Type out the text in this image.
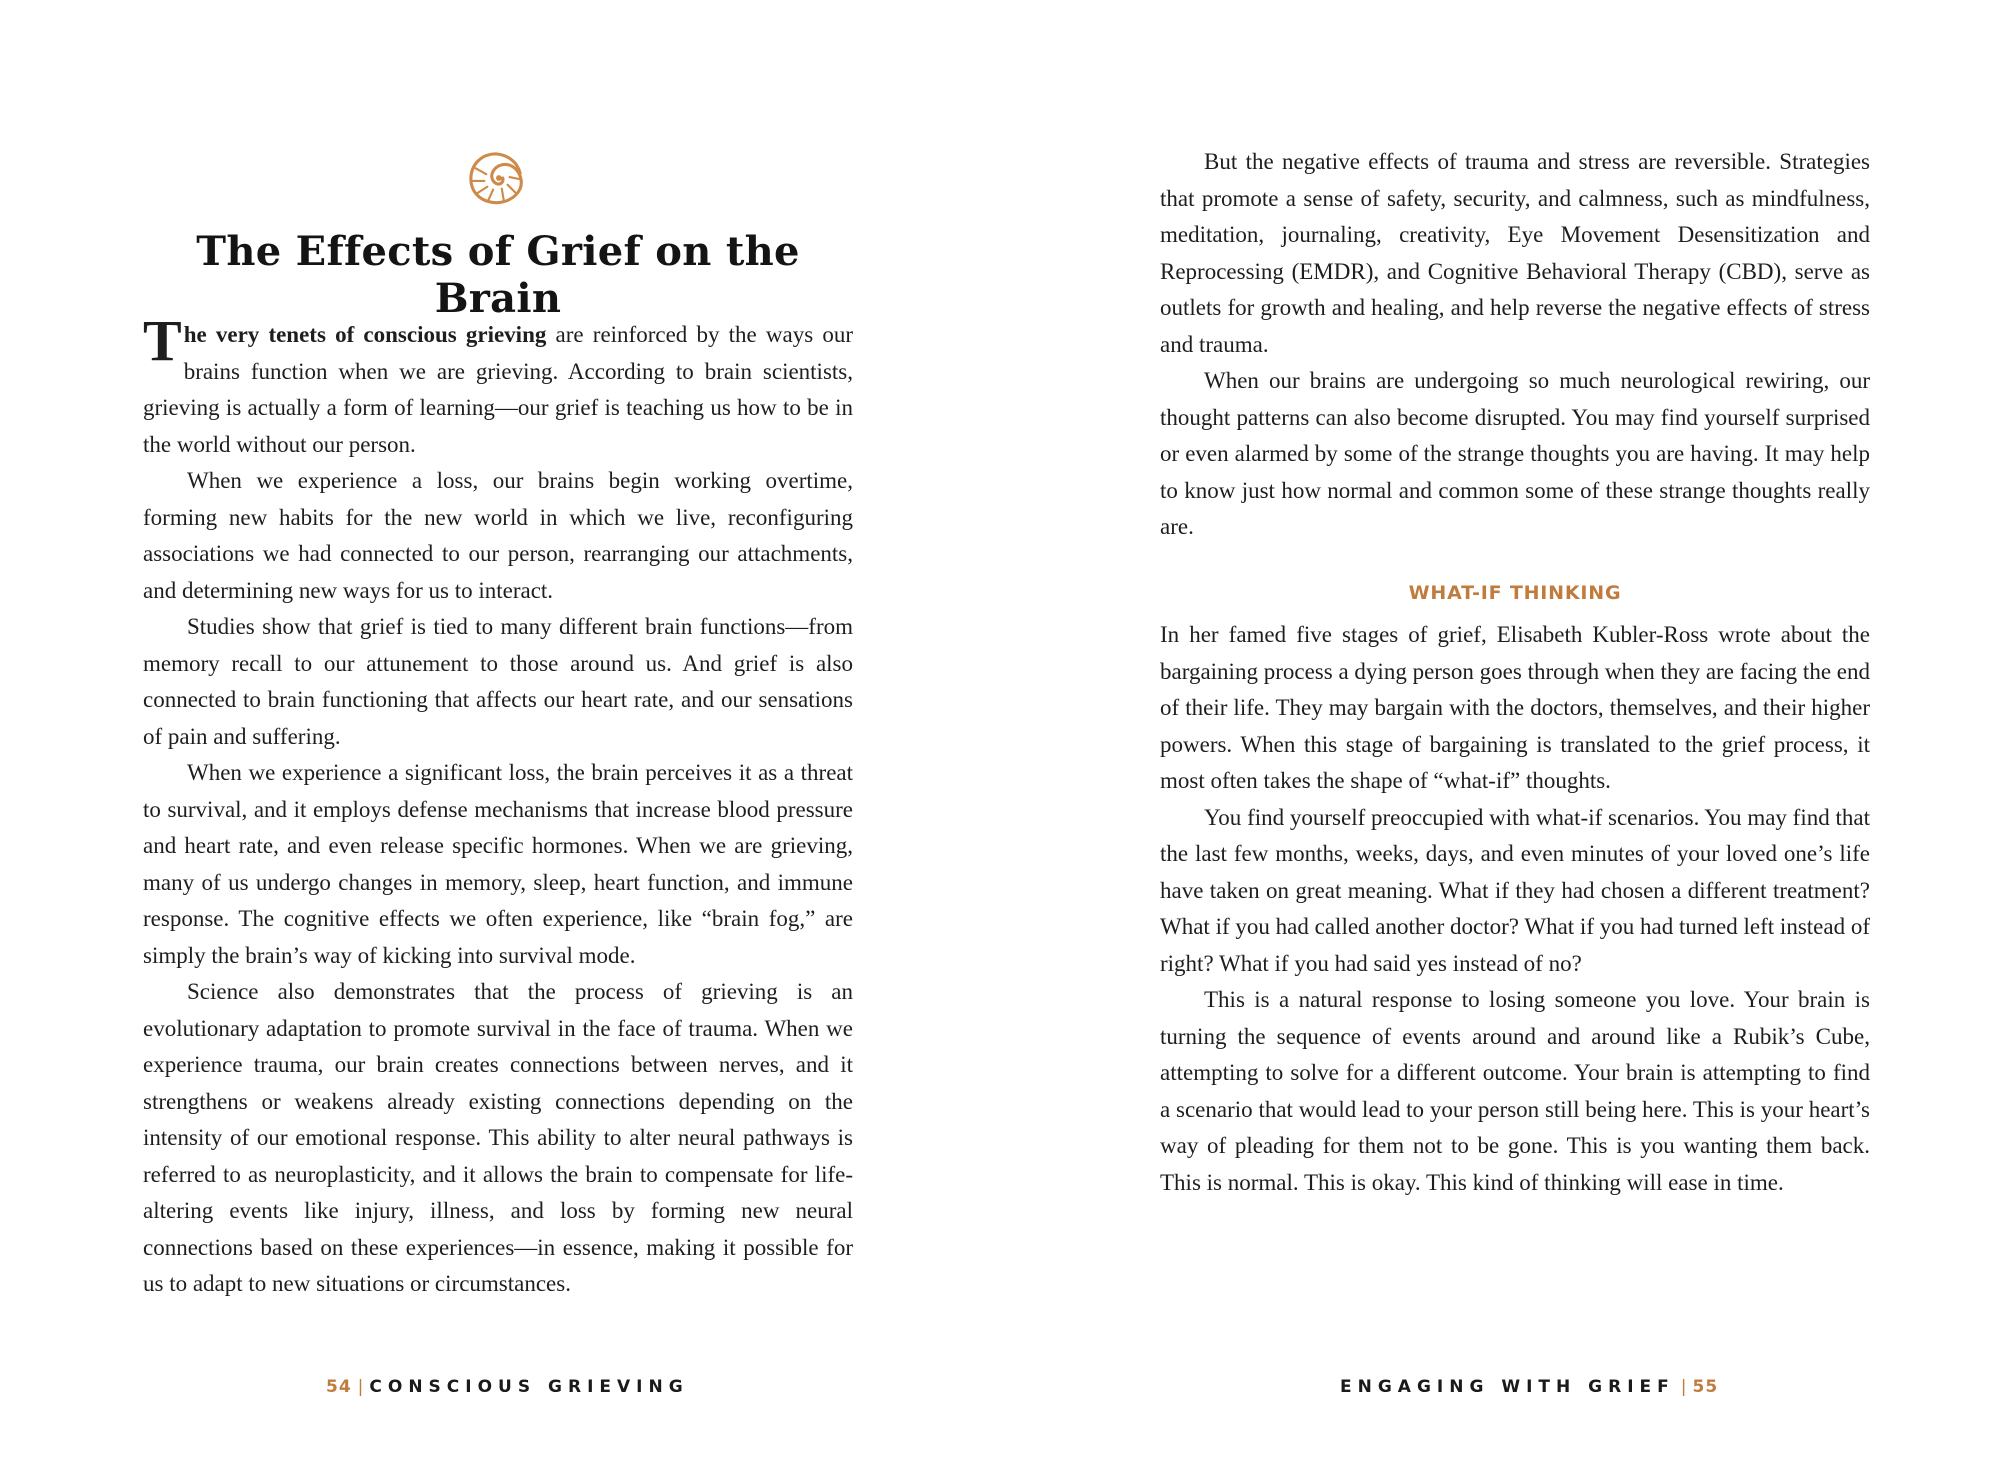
The Effects of Grief on the Brain

The very tenets of conscious grieving are reinforced by the ways our brains function when we are grieving. According to brain scientists, grieving is actually a form of learning—our grief is teaching us how to be in the world without our person.

When we experience a loss, our brains begin working overtime, forming new habits for the new world in which we live, reconfiguring associations we had connected to our person, rearranging our attachments, and determining new ways for us to interact.

Studies show that grief is tied to many different brain functions—from memory recall to our attunement to those around us. And grief is also connected to brain functioning that affects our heart rate, and our sensations of pain and suffering.

When we experience a significant loss, the brain perceives it as a threat to survival, and it employs defense mechanisms that increase blood pressure and heart rate, and even release specific hormones. When we are grieving, many of us undergo changes in memory, sleep, heart function, and immune response. The cognitive effects we often experience, like “brain fog,” are simply the brain’s way of kicking into survival mode.

Science also demonstrates that the process of grieving is an evolutionary adaptation to promote survival in the face of trauma. When we experience trauma, our brain creates connections between nerves, and it strengthens or weakens already existing connections depending on the intensity of our emotional response. This ability to alter neural pathways is referred to as neuroplasticity, and it allows the brain to compensate for life-altering events like injury, illness, and loss by forming new neural connections based on these experiences—in essence, making it possible for us to adapt to new situations or circumstances.

54 | CONSCIOUS GRIEVING

But the negative effects of trauma and stress are reversible. Strategies that promote a sense of safety, security, and calmness, such as mindfulness, meditation, journaling, creativity, Eye Movement Desensitization and Reprocessing (EMDR), and Cognitive Behavioral Therapy (CBD), serve as outlets for growth and healing, and help reverse the negative effects of stress and trauma.

When our brains are undergoing so much neurological rewiring, our thought patterns can also become disrupted. You may find yourself surprised or even alarmed by some of the strange thoughts you are having. It may help to know just how normal and common some of these strange thoughts really are.

WHAT-IF THINKING

In her famed five stages of grief, Elisabeth Kubler-Ross wrote about the bargaining process a dying person goes through when they are facing the end of their life. They may bargain with the doctors, themselves, and their higher powers. When this stage of bargaining is translated to the grief process, it most often takes the shape of “what-if” thoughts.

You find yourself preoccupied with what-if scenarios. You may find that the last few months, weeks, days, and even minutes of your loved one’s life have taken on great meaning. What if they had chosen a different treatment? What if you had called another doctor? What if you had turned left instead of right? What if you had said yes instead of no?

This is a natural response to losing someone you love. Your brain is turning the sequence of events around and around like a Rubik’s Cube, attempting to solve for a different outcome. Your brain is attempting to find a scenario that would lead to your person still being here. This is your heart’s way of pleading for them not to be gone. This is you wanting them back. This is normal. This is okay. This kind of thinking will ease in time.

ENGAGING WITH GRIEF | 55
